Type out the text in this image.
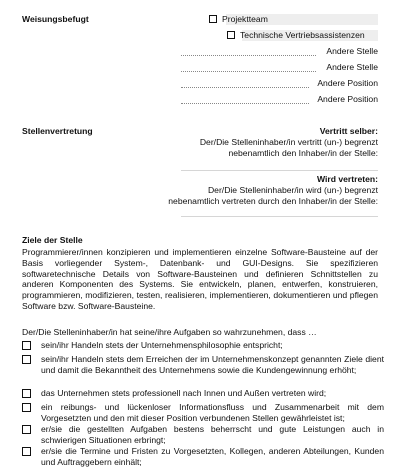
Weisungsbefugt	Projektteam
Technische Vertriebsassistenzen
Andere Stelle
Andere Stelle
Andere Position
Andere Position
Stellenvertretung	Vertritt selber:
Der/Die Stelleninhaber/in vertritt (un-) begrenzt
nebenamtlich den Inhaber/in der Stelle:
Wird vertreten:
Der/Die Stelleninhaber/in wird (un-) begrenzt
nebenamtlich vertreten durch den Inhaber/in der Stelle:
Ziele der Stelle
Programmierer/innen konzipieren und implementieren einzelne Software-Bausteine auf der Basis vorliegender System-, Datenbank- und GUI-Designs. Sie spezifizieren softwaretechnische Details von Software-Bausteinen und definieren Schnittstellen zu anderen Komponenten des Systems. Sie entwickeln, planen, entwerfen, konstruieren, programmieren, modifizieren, testen, realisieren, implementieren, dokumentieren und pflegen Software bzw. Software-Bausteine.
Der/Die Stelleninhaber/in hat seine/ihre Aufgaben so wahrzunehmen, dass …
sein/ihr Handeln stets der Unternehmensphilosophie entspricht;
sein/ihr Handeln stets dem Erreichen der im Unternehmenskonzept genannten Ziele dient und damit die Bekanntheit des Unternehmens sowie die Kundengewinnung erhöht;
das Unternehmen stets professionell nach Innen und Außen vertreten wird;
ein reibungs- und lückenloser Informationsfluss und Zusammenarbeit mit dem Vorgesetzten und den mit dieser Position verbundenen Stellen gewährleistet ist;
er/sie die gestellten Aufgaben bestens beherrscht und gute Leistungen auch in schwierigen Situationen erbringt;
er/sie die Termine und Fristen zu Vorgesetzten, Kollegen, anderen Abteilungen, Kunden und Auftraggebern einhält;
